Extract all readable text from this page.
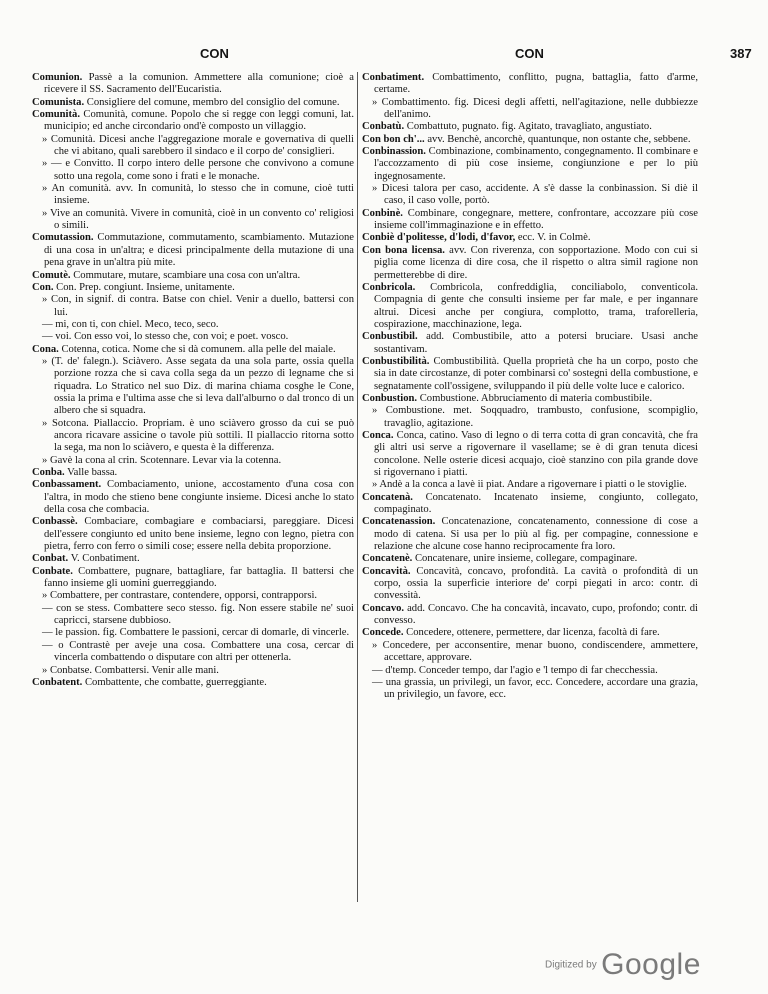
CON	CON	387

Comunion. Passè a la comunion. Ammettere alla comunione; cioè a ricevere il SS. Sacramento dell'Eucaristia.

Comunista. Consigliere del comune, membro del consiglio del comune.

Comunità. Comunità, comune. Popolo che si regge con leggi comuni, lat. municipio; ed anche circondario ond'è composto un villaggio.

» Comunità. Dicesi anche l'aggregazione morale e governativa di quelli che vi abitano, quali sarebbero il sindaco e il corpo de' consiglieri.

» — e Convitto. Il corpo intero delle persone che convivono a comune sotto una regola, come sono i frati e le monache.

» An comunità. avv. In comunità, lo stesso che in comune, cioè tutti insieme.

» Vive an comunità. Vivere in comunità, cioè in un convento co' religiosi o simili.

Comutassion. Commutazione, commutamento, scambiamento. Mutazione di una cosa in un'altra; e dicesi principalmente della mutazione di una pena grave in un'altra più mite.

Comutè. Commutare, mutare, scambiare una cosa con un'altra.

Con. Con. Prep. congiunt. Insieme, unitamente.

» Con, in signif. di contra. Batse con chiel. Venir a duello, battersi con lui.

— mi, con ti, con chiel. Meco, teco, seco.

— voi. Con esso voi, lo stesso che, con voi; e poet. vosco.

Cona. Cotenna, cotica. Nome che si dà comunem. alla pelle del maiale.

» (T. de' falegn.). Sciàvero. Asse segata da una sola parte, ossia quella porzione rozza che si cava colla sega da un pezzo di legname che si riquadra. Lo Stratico nel suo Diz. di marina chiama cosghe le Cone, ossia la prima e l'ultima asse che si leva dall'alburno o dal tronco di un albero che si squadra.

» Sotcona. Piallaccio. Propriam. è uno sciàvero grosso da cui se può ancora ricavare assicine o tavole più sottili. Il piallaccio ritorna sotto la sega, ma non lo sciàvero, e questa è la differenza.

» Gavè la cona al crin. Scotennare. Levar via la cotenna.

Conba. Valle bassa.

Conbassament. Combaciamento, unione, accostamento d'una cosa con l'altra, in modo che stieno bene congiunte insieme. Dicesi anche lo stato della cosa che combacia.

Conbassè. Combaciare, combagiare e combaciarsi, pareggiare. Dicesi dell'essere congiunto ed unito bene insieme, legno con legno, pietra con pietra, ferro con ferro o simili cose; essere nella debita proporzione.

Conbat. V. Conbatiment.

Conbate. Combattere, pugnare, battagliare, far battaglia. Il battersi che fanno insieme gli uomini guerreggiando.

» Combattere, per contrastare, contendere, opporsi, contrapporsi.

— con se stess. Combattere seco stesso. fig. Non essere stabile ne' suoi capricci, starsene dubbioso.

— le passion. fig. Combattere le passioni, cercar di domarle, di vincerle.

— o Contrastè per aveje una cosa. Combattere una cosa, cercar di vincerla combattendo o disputare con altri per ottenerla.

» Conbatse. Combattersi. Venir alle mani.

Conbatent. Combattente, che combatte, guerreggiante.

Conbatiment. Combattimento, conflitto, pugna, battaglia, fatto d'arme, certame.

» Combattimento. fig. Dicesi degli affetti, nell'agitazione, nelle dubbiezze dell'animo.

Conbatù. Combattuto, pugnato. fig. Agitato, travagliato, angustiato.

Con bon ch'... avv. Benchè, ancorchè, quantunque, non ostante che, sebbene.

Conbinassion. Combinazione, combinamento, congegnamento. Il combinare e l'accozzamento di più cose insieme, congiunzione e per lo più ingegnosamente.

» Dicesi talora per caso, accidente. A s'è dasse la conbinassion. Si diè il caso, il caso volle, portò.

Conbinè. Combinare, congegnare, mettere, confrontare, accozzare più cose insieme coll'immaginazione e in effetto.

Conbiè d'politesse, d'lodi, d'favor, ecc. V. in Colmè.

Con bona licensa. avv. Con riverenza, con sopportazione. Modo con cui si piglia come licenza di dire cosa, che il rispetto o altra simil ragione non permetterebbe di dire.

Conbricola. Combricola, confreddiglia, conciliabolo, conventicola. Compagnia di gente che consulti insieme per far male, e per ingannare altrui. Dicesi anche per congiura, complotto, trama, traforelleria, cospirazione, macchinazione, lega.

Conbustibil. add. Combustibile, atto a potersi bruciare. Usasi anche sostantivam.

Conbustibilità. Combustibilità. Quella proprietà che ha un corpo, posto che sia in date circostanze, di poter combinarsi co' sostegni della combustione, e segnatamente coll'ossigene, sviluppando il più delle volte luce e calorico.

Conbustion. Combustione. Abbruciamento di materia combustibile.

» Combustione. met. Soqquadro, trambusto, confusione, scompiglio, travaglio, agitazione.

Conca. Conca, catino. Vaso di legno o di terra cotta di gran concavità, che fra gli altri usi serve a rigovernare il vasellame; se è di gran tenuta dicesi concolone. Nelle osterie dicesi acquajo, cioè stanzino con pila grande dove si rigovernano i piatti.

» Andè a la conca a lavè ii piat. Andare a rigovernare i piatti o le stoviglie.

Concatenà. Concatenato. Incatenato insieme, congiunto, collegato, compaginato.

Concatenassion. Concatenazione, concatenamento, connessione di cose a modo di catena. Si usa per lo più al fig. per compagine, connessione e relazione che alcune cose hanno reciprocamente fra loro.

Concatenè. Concatenare, unire insieme, collegare, compaginare.

Concavità. Concavità, concavo, profondità. La cavità o profondità di un corpo, ossia la superficie interiore de' corpi piegati in arco: contr. di convessità.

Concavo. add. Concavo. Che ha concavità, incavato, cupo, profondo; contr. di convesso.

Concede. Concedere, ottenere, permettere, dar licenza, facoltà di fare.

» Concedere, per acconsentire, menar buono, condiscendere, ammettere, accettare, approvare.

— d'temp. Conceder tempo, dar l'agio e 'l tempo di far checchessia.

— una grassia, un privilegi, un favor, ecc. Concedere, accordare una grazia, un privilegio, un favore, ecc.

Digitized by Google
